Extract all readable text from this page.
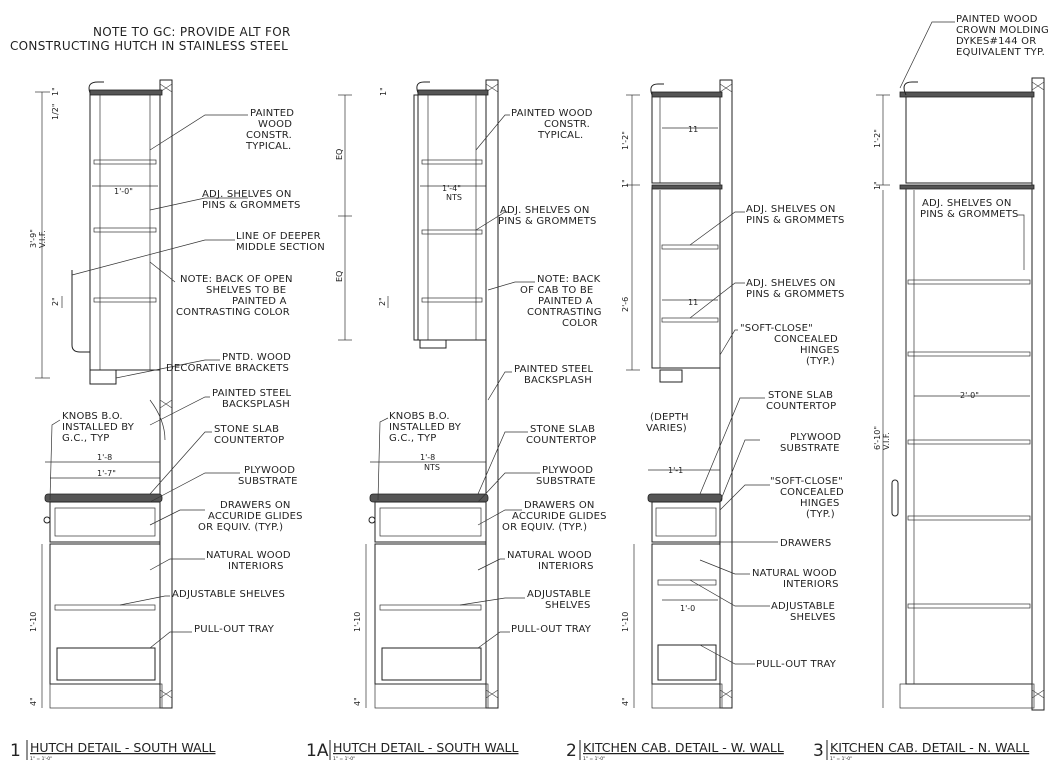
NOTE TO GC: PROVIDE ALT FOR
CONSTRUCTING HUTCH IN STAINLESS STEEL
3'-9" V.I.F.
1"
1/2"
1'-0"
2"
1'-8
1'-7"
1'-10
4"
PAINTED
WOOD
CONSTR.
TYPICAL.
ADJ. SHELVES ON
PINS & GROMMETS
LINE OF DEEPER
MIDDLE SECTION
NOTE: BACK OF OPEN
SHELVES TO BE
PAINTED A
CONTRASTING COLOR
PNTD. WOOD
DECORATIVE BRACKETS
PAINTED STEEL
BACKSPLASH
KNOBS B.O.
INSTALLED BY
G.C., TYP
STONE SLAB
COUNTERTOP
PLYWOOD
SUBSTRATE
DRAWERS ON
ACCURIDE GLIDES
OR EQUIV. (TYP.)
NATURAL WOOD
INTERIORS
ADJUSTABLE SHELVES
PULL-OUT TRAY
1 HUTCH DETAIL - SOUTH WALL
1" = 1'-0"
EQ
EQ
1"
1'-4"
NTS
2"
1'-8
NTS
1'-10
4"
PAINTED WOOD
CONSTR.
TYPICAL.
ADJ. SHELVES ON
PINS & GROMMETS
NOTE: BACK
OF CAB TO BE
PAINTED A
CONTRASTING
COLOR
PAINTED STEEL
BACKSPLASH
KNOBS B.O.
INSTALLED BY
G.C., TYP
STONE SLAB
COUNTERTOP
PLYWOOD
SUBSTRATE
DRAWERS ON
ACCURIDE GLIDES
OR EQUIV. (TYP.)
NATURAL WOOD
INTERIORS
ADJUSTABLE
SHELVES
PULL-OUT TRAY
1A HUTCH DETAIL - SOUTH WALL
1" = 1'-0"
1'-2"
2'-6
1"
11
11
1'-1
1'-10
4"
1'-0
ADJ. SHELVES ON
PINS & GROMMETS
ADJ. SHELVES ON
PINS & GROMMETS
"SOFT-CLOSE"
CONCEALED
HINGES
(TYP.)
STONE SLAB
COUNTERTOP
(DEPTH
VARIES)
PLYWOOD
SUBSTRATE
"SOFT-CLOSE"
CONCEALED
HINGES
(TYP.)
DRAWERS
NATURAL WOOD
INTERIORS
ADJUSTABLE
SHELVES
PULL-OUT TRAY
2 KITCHEN CAB. DETAIL - W. WALL
1" = 1'-0"
1'-2"
1"
6'-10" V.I.F.
2'-0"
PAINTED WOOD
CROWN MOLDING
DYKES#144 OR
EQUIVALENT TYP.
ADJ. SHELVES ON
PINS & GROMMETS
3 KITCHEN CAB. DETAIL - N. WALL
1" = 1'-0"
